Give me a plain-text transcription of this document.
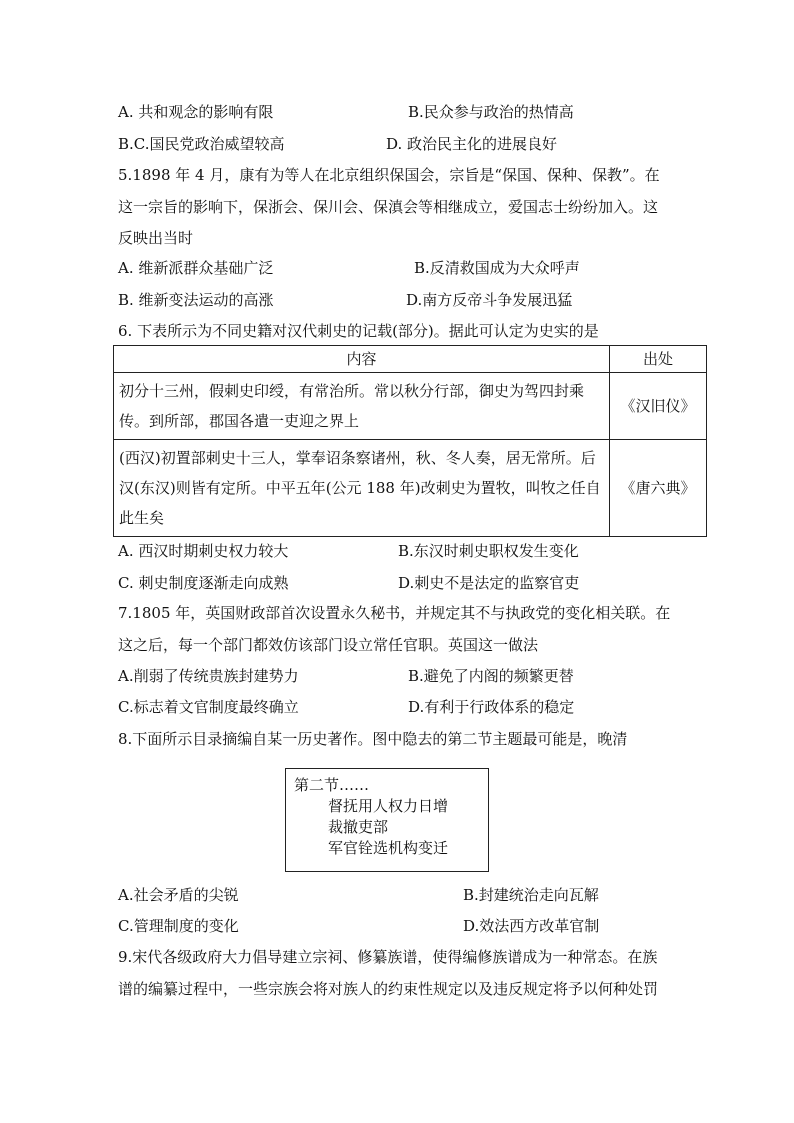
A. 共和观念的影响有限	B.民众参与政治的热情高
B.C.国民党政治威望较高	D. 政治民主化的进展良好
5.1898 年 4 月，康有为等人在北京组织保国会，宗旨是“保国、保种、保教”。在
这一宗旨的影响下，保浙会、保川会、保滇会等相继成立，爱国志士纷纷加入。这
反映出当时
A. 维新派群众基础广泛	B.反清救国成为大众呼声
B. 维新变法运动的高涨	D.南方反帝斗争发展迅猛
6. 下表所示为不同史籍对汉代刺史的记载(部分)。据此可认定为史实的是
内容	出处
初分十三州，假刺史印绶，有常治所。常以秋分行部，御史为驾四封乘传。到所部，郡国各遣一吏迎之界上	《汉旧仪》
(西汉)初置部刺史十三人，掌奉诏条察诸州，秋、冬人奏，居无常所。后汉(东汉)则皆有定所。中平五年(公元 188 年)改刺史为置牧，叫牧之任自此生矣	《唐六典》
A. 西汉时期刺史权力较大	B.东汉时刺史职权发生变化
C. 刺史制度逐渐走向成熟	D.刺史不是法定的监察官吏
7.1805 年，英国财政部首次设置永久秘书，并规定其不与执政党的变化相关联。在
这之后，每一个部门都效仿该部门设立常任官职。英国这一做法
A.削弱了传统贵族封建势力	B.避免了内阁的频繁更替
C.标志着文官制度最终确立	D.有利于行政体系的稳定
8.下面所示目录摘编自某一历史著作。图中隐去的第二节主题最可能是，晚清
第二节……
督抚用人权力日增
裁撤吏部
军官铨选机构变迁
A.社会矛盾的尖锐	B.封建统治走向瓦解
C.管理制度的变化	D.效法西方改革官制
9.宋代各级政府大力倡导建立宗祠、修纂族谱，使得编修族谱成为一种常态。在族
谱的编纂过程中，一些宗族会将对族人的约束性规定以及违反规定将予以何种处罚
